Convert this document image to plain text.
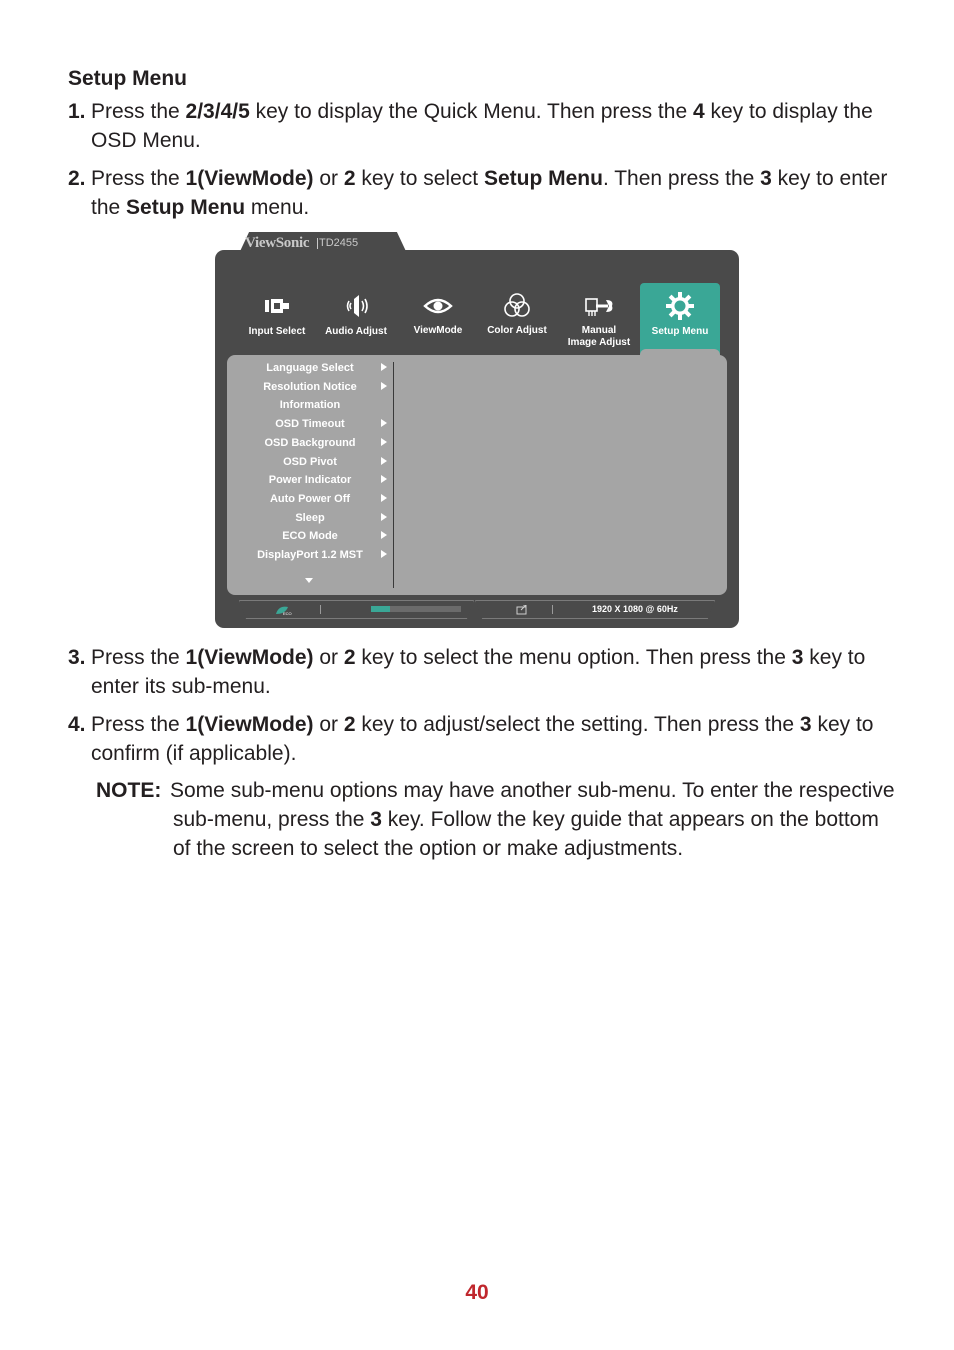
Setup Menu
1. Press the 2/3/4/5 key to display the Quick Menu. Then press the 4 key to display the OSD Menu.
2. Press the 1(ViewMode) or 2 key to select Setup Menu. Then press the 3 key to enter the Setup Menu menu.
Input Select	Audio Adjust	ViewMode	Color Adjust	Manual Image Adjust
Setup Menu
Language Select
Resolution Notice
Information
OSD Timeout
OSD Background
OSD Pivot
Power Indicator
Auto Power Off
Sleep
ECO Mode
DisplayPort 1.2 MST
ECO	1920 X 1080 @ 60Hz
ViewSonic TD2455
3. Press the 1(ViewMode) or 2 key to select the menu option. Then press the 3 key to enter its sub-menu.
4. Press the 1(ViewMode) or 2 key to adjust/select the setting. Then press the 3 key to confirm (if applicable).
NOTE: Some sub-menu options may have another sub-menu. To enter the respective sub-menu, press the 3 key. Follow the key guide that appears on the bottom of the screen to select the option or make adjustments.
40
